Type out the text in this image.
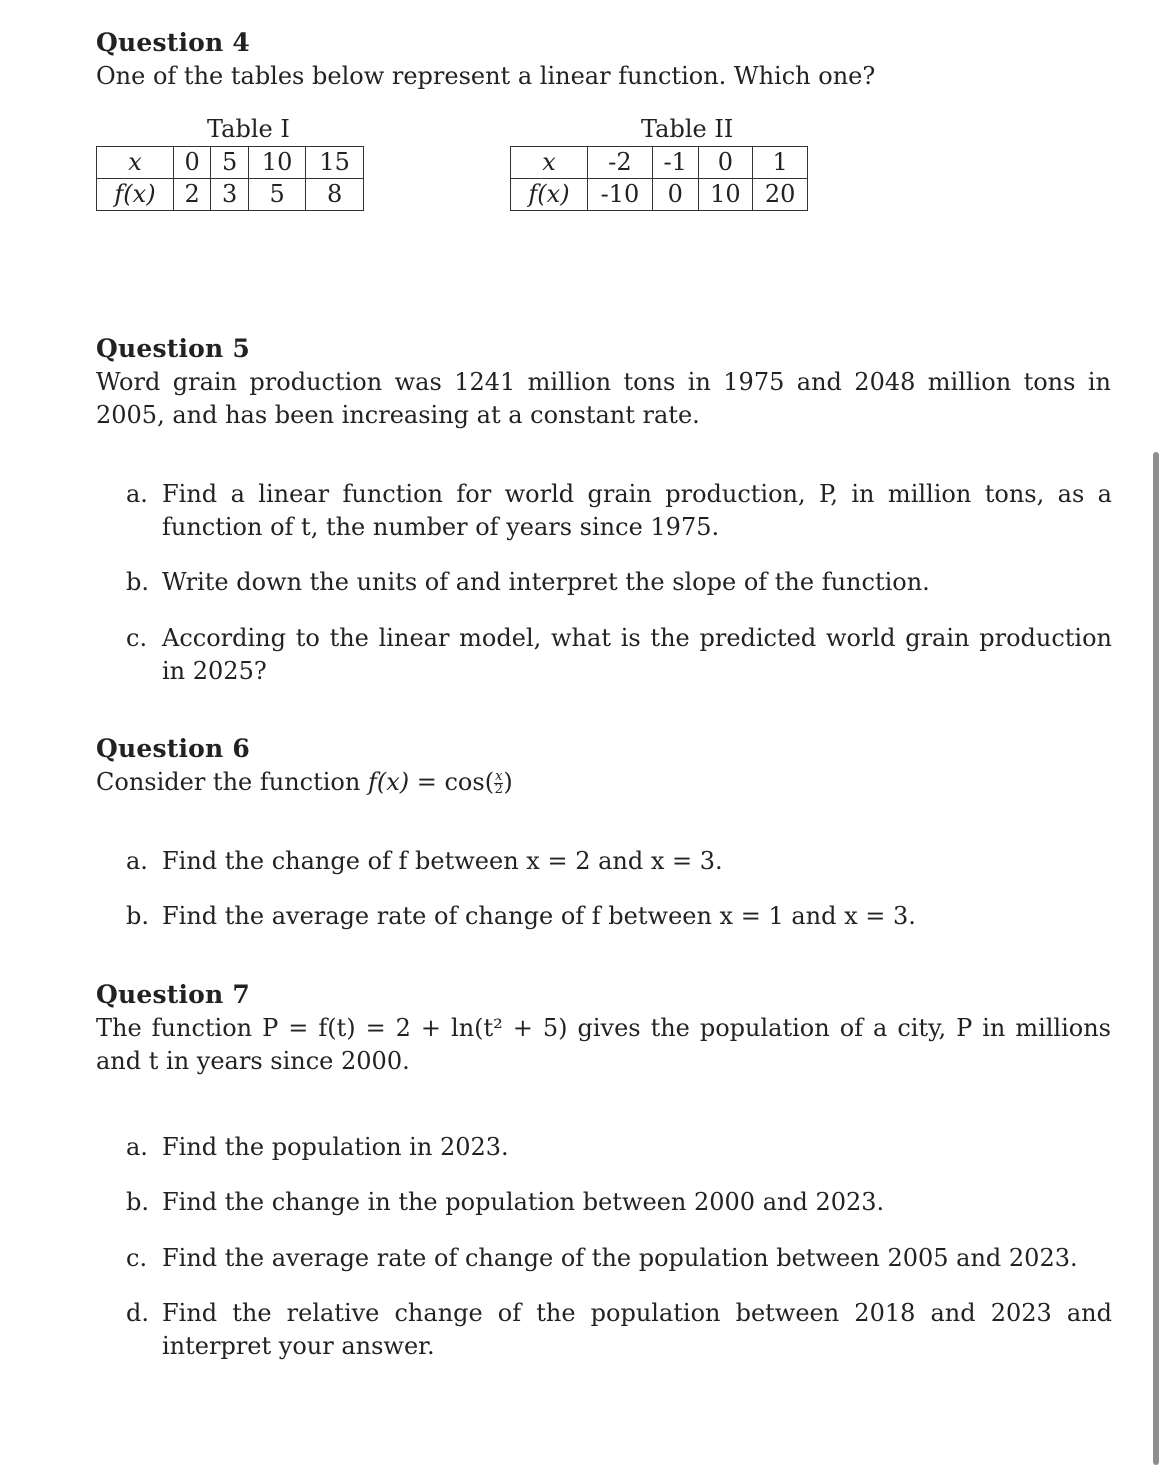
Question 4
One of the tables below represent a linear function. Which one?
Table I
x	0	5	10	15
f(x)	2	3	5	8
Table II
x	-2	-1	0	1
f(x)	-10	0	10	20
Question 5
Word grain production was 1241 million tons in 1975 and 2048 million tons in 2005, and has been increasing at a constant rate.
a. Find a linear function for world grain production, P, in million tons, as a function of t, the number of years since 1975.
b. Write down the units of and interpret the slope of the function.
c. According to the linear model, what is the predicted world grain production in 2025?
Question 6
Consider the function $f(x) = \cos( \frac{x}{2}$ )
a. Find the change of f between x = 2 and x = 3.
b. Find the average rate of change of f between x = 1 and x = 3.
Question 7
The function P = f(t) = 2 + ln(t² + 5) gives the population of a city, P in millions and t in years since 2000.
a. Find the population in 2023.
b. Find the change in the population between 2000 and 2023.
c. Find the average rate of change of the population between 2005 and 2023.
d. Find the relative change of the population between 2018 and 2023 and interpret your answer.
